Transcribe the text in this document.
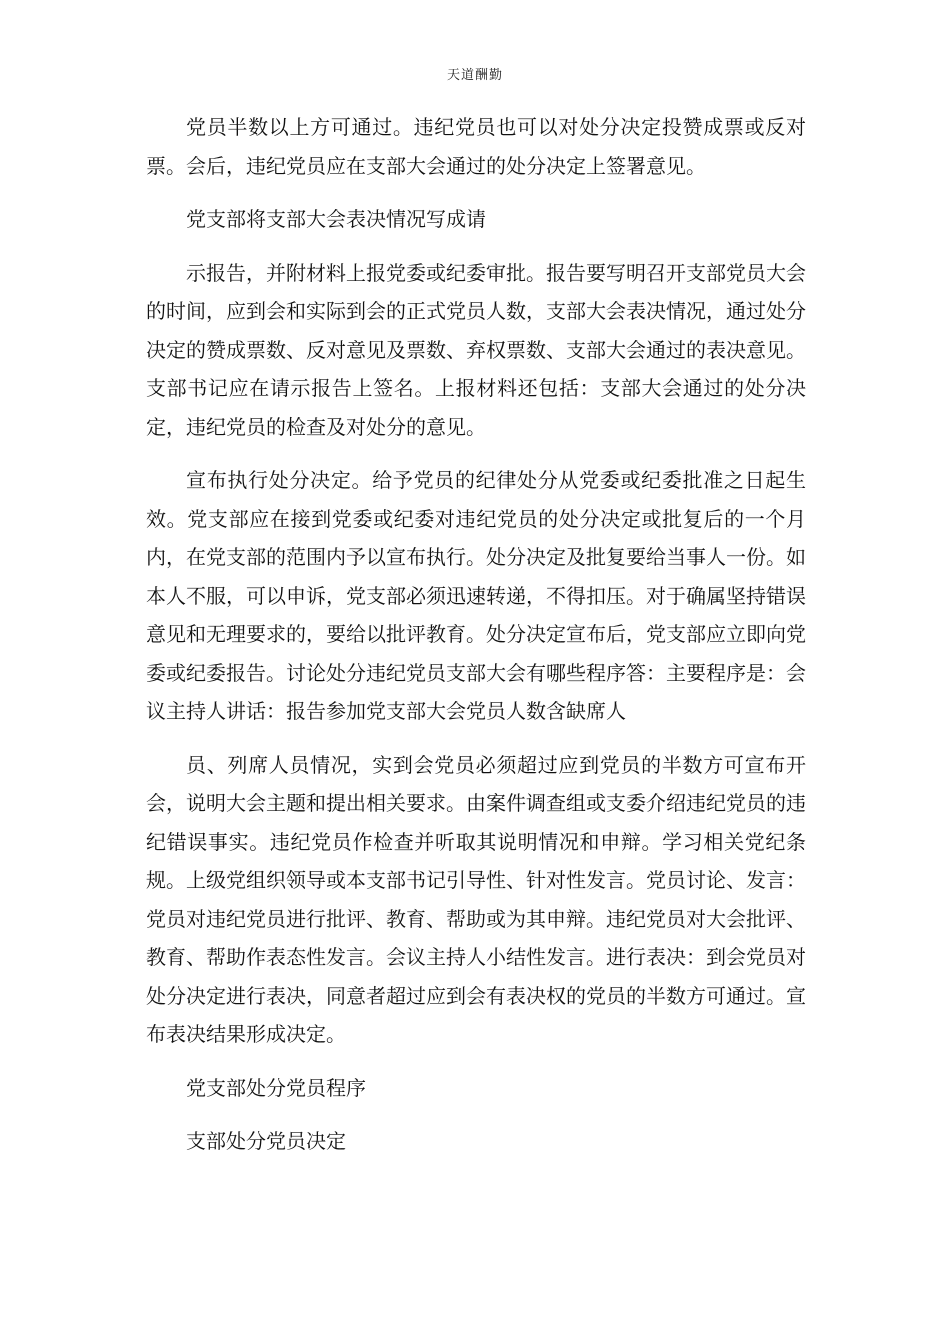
天道酬勤

党员半数以上方可通过。违纪党员也可以对处分决定投赞成票或反对票。会后，违纪党员应在支部大会通过的处分决定上签署意见。

党支部将支部大会表决情况写成请

示报告，并附材料上报党委或纪委审批。报告要写明召开支部党员大会的时间，应到会和实际到会的正式党员人数，支部大会表决情况，通过处分决定的赞成票数、反对意见及票数、弃权票数、支部大会通过的表决意见。支部书记应在请示报告上签名。上报材料还包括：支部大会通过的处分决定，违纪党员的检查及对处分的意见。

宣布执行处分决定。给予党员的纪律处分从党委或纪委批准之日起生效。党支部应在接到党委或纪委对违纪党员的处分决定或批复后的一个月内，在党支部的范围内予以宣布执行。处分决定及批复要给当事人一份。如本人不服，可以申诉，党支部必须迅速转递，不得扣压。对于确属坚持错误意见和无理要求的，要给以批评教育。处分决定宣布后，党支部应立即向党委或纪委报告。讨论处分违纪党员支部大会有哪些程序答：主要程序是：会议主持人讲话：报告参加党支部大会党员人数含缺席人

员、列席人员情况，实到会党员必须超过应到党员的半数方可宣布开会，说明大会主题和提出相关要求。由案件调查组或支委介绍违纪党员的违纪错误事实。违纪党员作检查并听取其说明情况和申辩。学习相关党纪条规。上级党组织领导或本支部书记引导性、针对性发言。党员讨论、发言：党员对违纪党员进行批评、教育、帮助或为其申辩。违纪党员对大会批评、教育、帮助作表态性发言。会议主持人小结性发言。进行表决：到会党员对处分决定进行表决，同意者超过应到会有表决权的党员的半数方可通过。宣布表决结果形成决定。

党支部处分党员程序

支部处分党员决定
